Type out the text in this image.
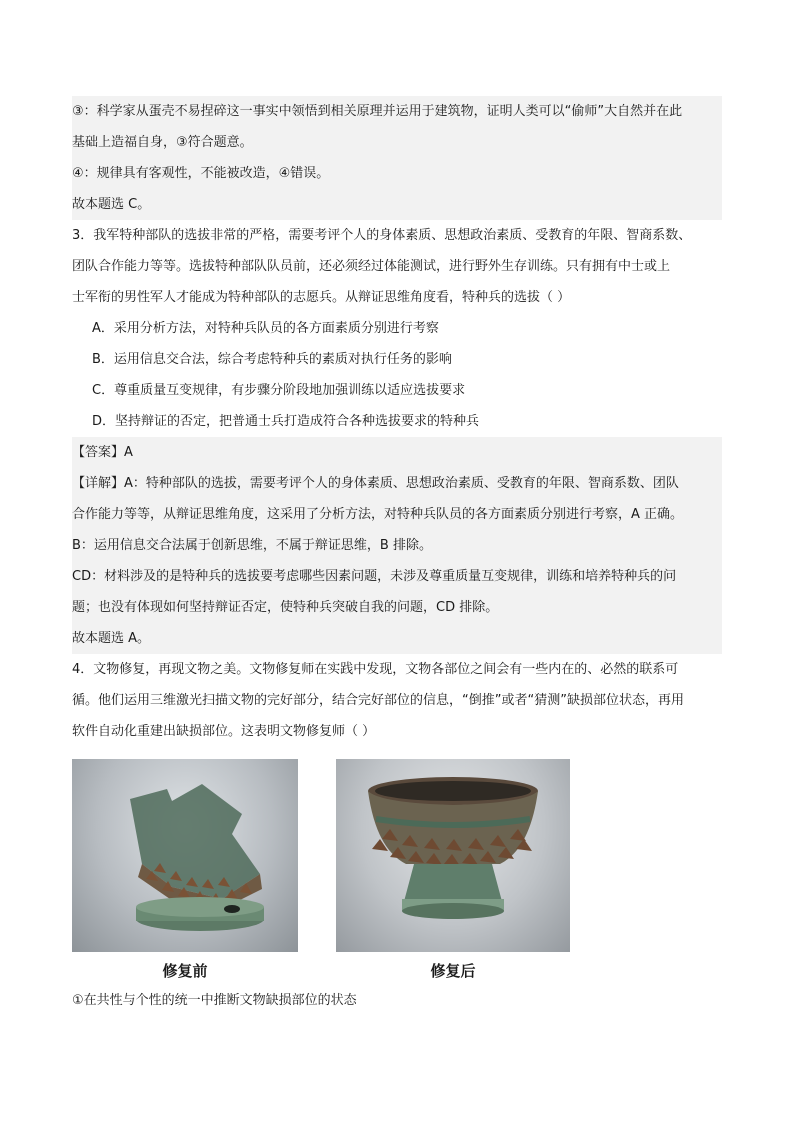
③：科学家从蛋壳不易捏碎这一事实中领悟到相关原理并运用于建筑物，证明人类可以“偷师”大自然并在此
基础上造福自身，③符合题意。
④：规律具有客观性，不能被改造，④错误。
故本题选 C。
3．我军特种部队的选拔非常的严格，需要考评个人的身体素质、思想政治素质、受教育的年限、智商系数、
团队合作能力等等。选拔特种部队队员前，还必须经过体能测试，进行野外生存训练。只有拥有中士或上
士军衔的男性军人才能成为特种部队的志愿兵。从辩证思维角度看，特种兵的选拔（ ）
A．采用分析方法，对特种兵队员的各方面素质分别进行考察
B．运用信息交合法，综合考虑特种兵的素质对执行任务的影响
C．尊重质量互变规律，有步骤分阶段地加强训练以适应选拔要求
D．坚持辩证的否定，把普通士兵打造成符合各种选拔要求的特种兵
【答案】A
【详解】A：特种部队的选拔，需要考评个人的身体素质、思想政治素质、受教育的年限、智商系数、团队
合作能力等等，从辩证思维角度，这采用了分析方法，对特种兵队员的各方面素质分别进行考察，A 正确。
B：运用信息交合法属于创新思维，不属于辩证思维，B 排除。
CD：材料涉及的是特种兵的选拔要考虑哪些因素问题，未涉及尊重质量互变规律，训练和培养特种兵的问
题；也没有体现如何坚持辩证否定，使特种兵突破自我的问题，CD 排除。
故本题选 A。
4．文物修复，再现文物之美。文物修复师在实践中发现，文物各部位之间会有一些内在的、必然的联系可
循。他们运用三维激光扫描文物的完好部分，结合完好部位的信息，“倒推”或者“猜测”缺损部位状态，再用
软件自动化重建出缺损部位。这表明文物修复师（ ）
修复前	修复后
①在共性与个性的统一中推断文物缺损部位的状态
